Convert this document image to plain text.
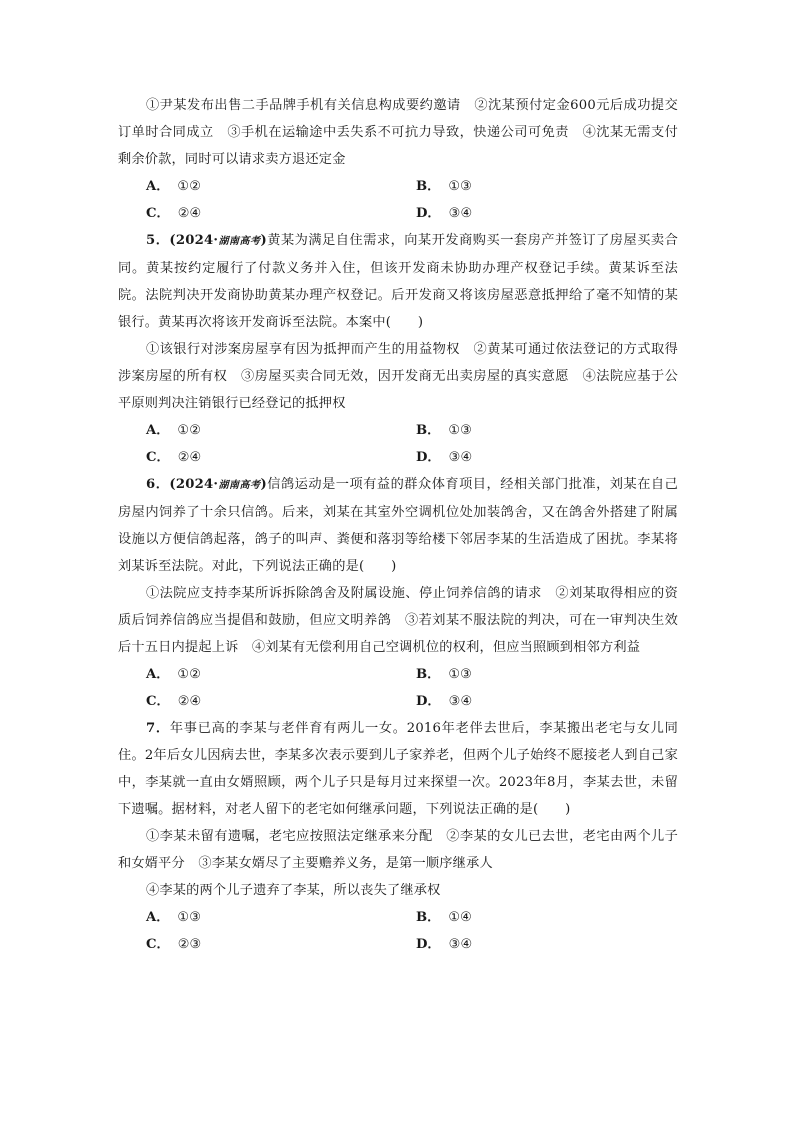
①尹某发布出售二手品牌手机有关信息构成要约邀请　②沈某预付定金600元后成功提交订单时合同成立　③手机在运输途中丢失系不可抗力导致，快递公司可免责　④沈某无需支付剩余价款，同时可以请求卖方退还定金

A． ①②	B． ①③
C． ②④	D． ③④

5．(2024·湖南高考)黄某为满足自住需求，向某开发商购买一套房产并签订了房屋买卖合同。黄某按约定履行了付款义务并入住，但该开发商未协助办理产权登记手续。黄某诉至法院。法院判决开发商协助黄某办理产权登记。后开发商又将该房屋恶意抵押给了毫不知情的某银行。黄某再次将该开发商诉至法院。本案中(　　)

①该银行对涉案房屋享有因为抵押而产生的用益物权　②黄某可通过依法登记的方式取得涉案房屋的所有权　③房屋买卖合同无效，因开发商无出卖房屋的真实意愿　④法院应基于公平原则判决注销银行已经登记的抵押权

A． ①②	B． ①③
C． ②④	D． ③④

6．(2024·湖南高考)信鸽运动是一项有益的群众体育项目，经相关部门批准，刘某在自己房屋内饲养了十余只信鸽。后来，刘某在其室外空调机位处加装鸽舍，又在鸽舍外搭建了附属设施以方便信鸽起落，鸽子的叫声、粪便和落羽等给楼下邻居李某的生活造成了困扰。李某将刘某诉至法院。对此，下列说法正确的是(　　)

①法院应支持李某所诉拆除鸽舍及附属设施、停止饲养信鸽的请求　②刘某取得相应的资质后饲养信鸽应当提倡和鼓励，但应文明养鸽　③若刘某不服法院的判决，可在一审判决生效后十五日内提起上诉　④刘某有无偿利用自己空调机位的权利，但应当照顾到相邻方利益

A． ①②	B． ①③
C． ②④	D． ③④

7．年事已高的李某与老伴育有两儿一女。2016年老伴去世后，李某搬出老宅与女儿同住。2年后女儿因病去世，李某多次表示要到儿子家养老，但两个儿子始终不愿接老人到自己家中，李某就一直由女婿照顾，两个儿子只是每月过来探望一次。2023年8月，李某去世，未留下遗嘱。据材料，对老人留下的老宅如何继承问题，下列说法正确的是(　　)

①李某未留有遗嘱，老宅应按照法定继承来分配　②李某的女儿已去世，老宅由两个儿子和女婿平分　③李某女婿尽了主要赡养义务，是第一顺序继承人

④李某的两个儿子遗弃了李某，所以丧失了继承权

A． ①③	B． ①④
C． ②③	D． ③④
